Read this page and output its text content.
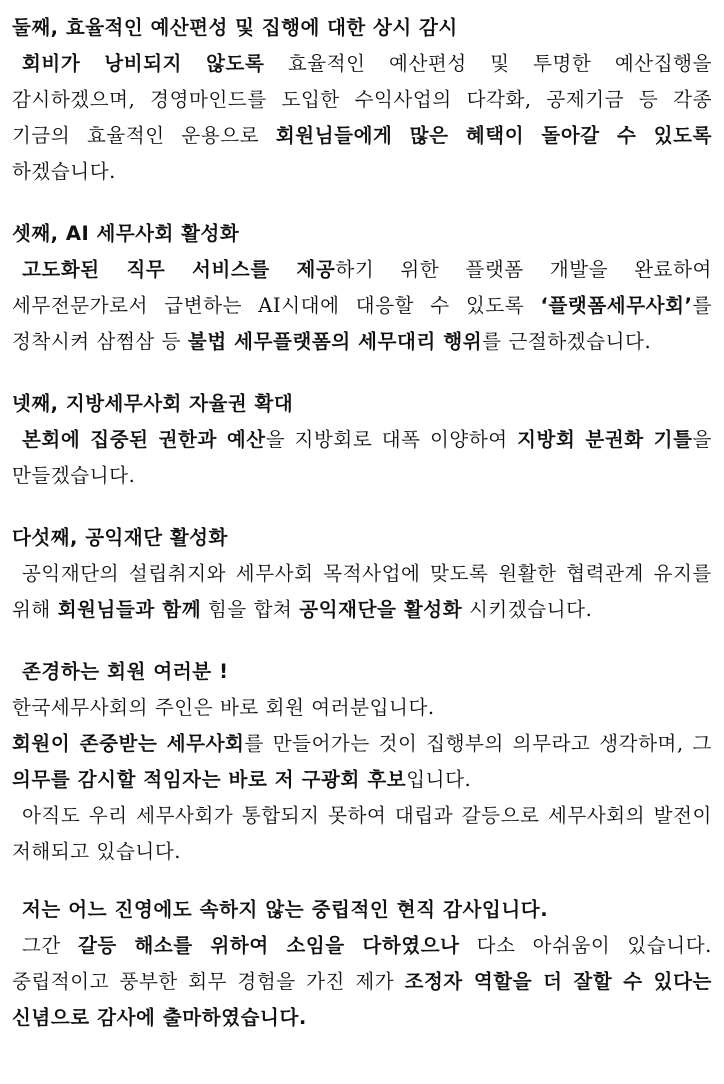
둘째, 효율적인 예산편성 및 집행에 대한 상시 감시

회비가 낭비되지 않도록 효율적인 예산편성 및 투명한 예산집행을 감시하겠으며, 경영마인드를 도입한 수익사업의 다각화, 공제기금 등 각종 기금의 효율적인 운용으로 회원님들에게 많은 혜택이 돌아갈 수 있도록 하겠습니다.

셋째, AI 세무사회 활성화

고도화된 직무 서비스를 제공하기 위한 플랫폼 개발을 완료하여 세무전문가로서 급변하는 AI시대에 대응할 수 있도록 ‘플랫폼세무사회’를 정착시켜 삼쩜삼 등 불법 세무플랫폼의 세무대리 행위를 근절하겠습니다.

넷째, 지방세무사회 자율권 확대

본회에 집중된 권한과 예산을 지방회로 대폭 이양하여 지방회 분권화 기틀을 만들겠습니다.

다섯째, 공익재단 활성화

공익재단의 설립취지와 세무사회 목적사업에 맞도록 원활한 협력관계 유지를 위해 회원님들과 함께 힘을 합쳐 공익재단을 활성화 시키겠습니다.

존경하는 회원 여러분 !

한국세무사회의 주인은 바로 회원 여러분입니다.

회원이 존중받는 세무사회를 만들어가는 것이 집행부의 의무라고 생각하며, 그 의무를 감시할 적임자는 바로 저 구광회 후보입니다.

아직도 우리 세무사회가 통합되지 못하여 대립과 갈등으로 세무사회의 발전이 저해되고 있습니다.

저는 어느 진영에도 속하지 않는 중립적인 현직 감사입니다.

그간 갈등 해소를 위하여 소임을 다하였으나 다소 아쉬움이 있습니다. 중립적이고 풍부한 회무 경험을 가진 제가 조정자 역할을 더 잘할 수 있다는 신념으로 감사에 출마하였습니다.
